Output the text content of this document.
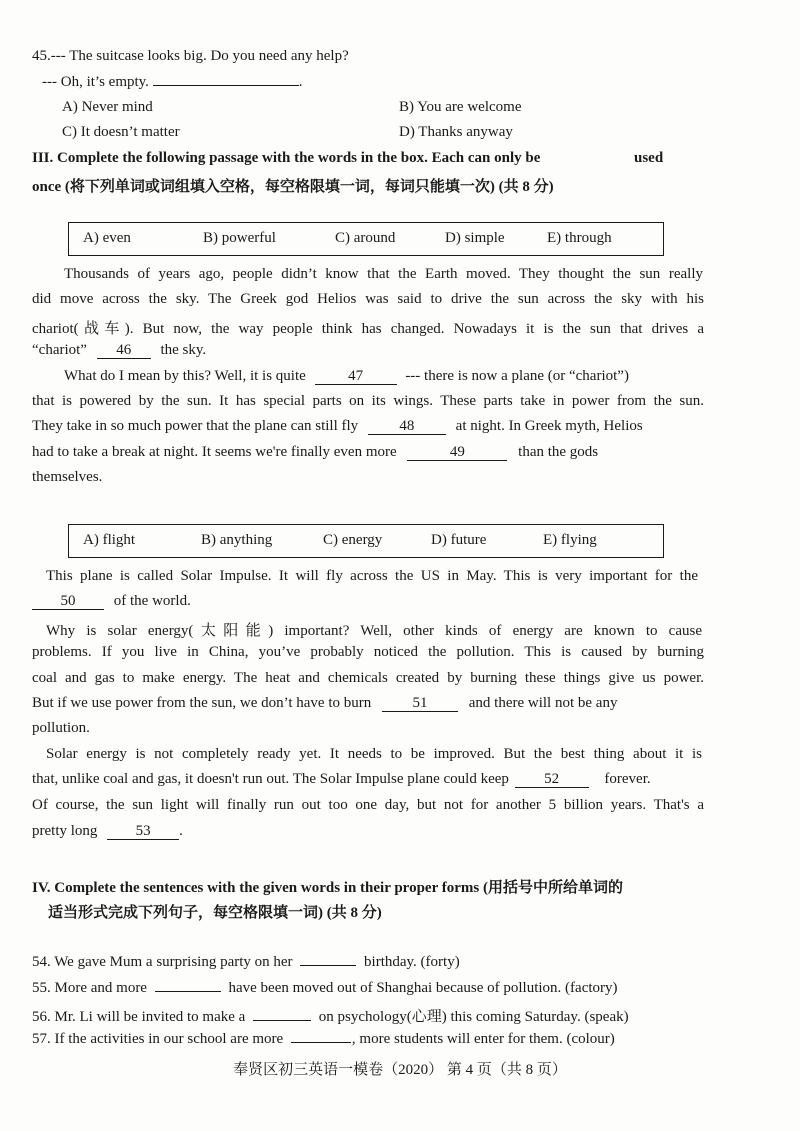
45.--- The suitcase looks big. Do you need any help?
--- Oh, it’s empty.	.
A) Never mind	B) You are welcome
C) It doesn’t matter	D) Thanks anyway
III. Complete the following passage with the words in the box. Each can only be	used
once (将下列单词或词组填入空格，每空格限填一词，每词只能填一次) (共 8 分)
A) even	B) powerful	C) around	D) simple	E) through
Thousands of years ago, people didn’t know that the Earth moved. They thought the sun really
did move across the sky. The Greek god Helios was said to drive the sun across the sky with his
chariot(战车). But now, the way people think has changed. Nowadays it is the sun that drives a
“chariot” 46 the sky.
What do I mean by this? Well, it is quite	47	--- there is now a plane (or “chariot”)
that is powered by the sun. It has special parts on its wings. These parts take in power from the sun.
They take in so much power that the plane can still fly	48	at night. In Greek myth, Helios
had to take a break at night. It seems we're finally even more	49	than the gods
themselves.
A) flight	B) anything	C) energy	D) future	E) flying
This plane is called Solar Impulse. It will fly across the US in May. This is very important for the
50	of the world.
Why is solar energy(太阳能) important? Well, other kinds of energy are known to cause
problems. If you live in China, you’ve probably noticed the pollution. This is caused by burning
coal and gas to make energy. The heat and chemicals created by burning these things give us power.
But if we use power from the sun, we don’t have to burn	51	and there will not be any
pollution.
Solar energy is not completely ready yet. It needs to be improved. But the best thing about it is
that, unlike coal and gas, it doesn't run out. The Solar Impulse plane could keep 52	forever.
Of course, the sun light will finally run out too one day, but not for another 5 billion years. That's a
pretty long	53 .
IV. Complete the sentences with the given words in their proper forms (用括号中所给单词的
适当形式完成下列句子，每空格限填一词) (共 8 分)
54. We gave Mum a surprising party on her	birthday. (forty)
55. More and more	have been moved out of Shanghai because of pollution. (factory)
56. Mr. Li will be invited to make a	on psychology(心理) this coming Saturday. (speak)
57. If the activities in our school are more	, more students will enter for them. (colour)
奉贤区初三英语一模卷（2020） 第 4 页（共 8 页）
